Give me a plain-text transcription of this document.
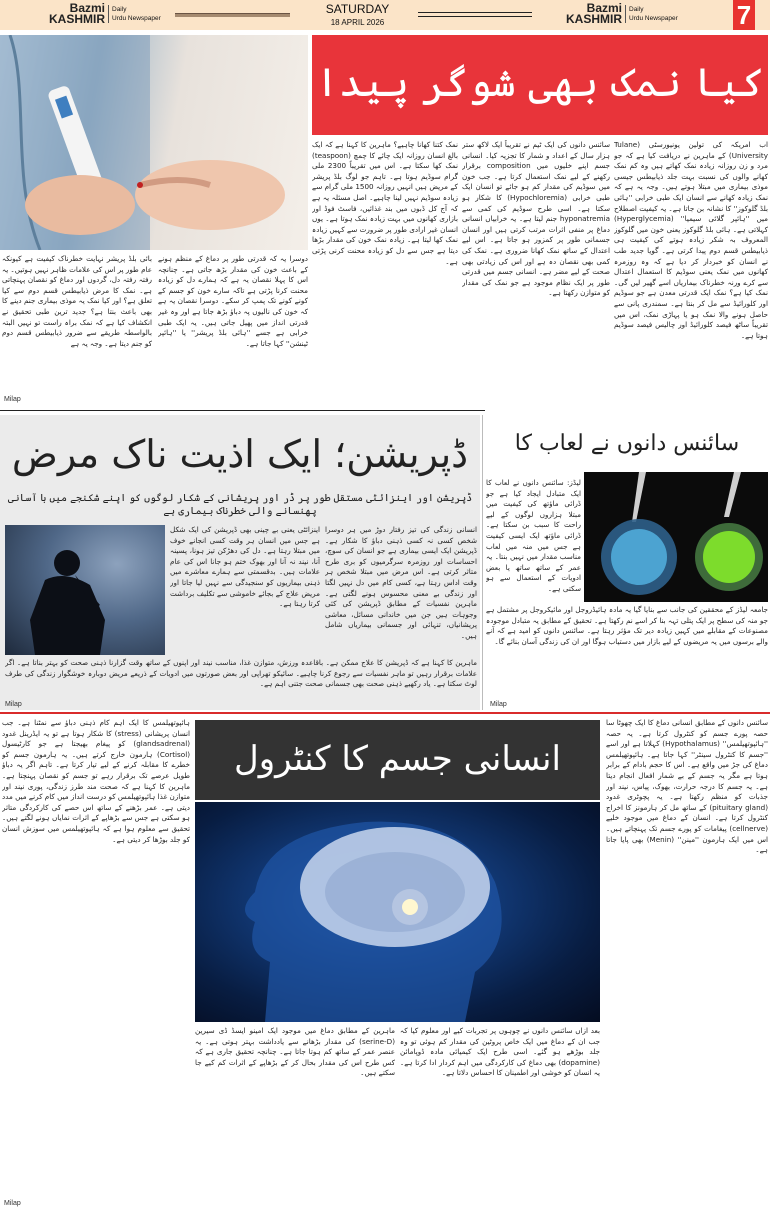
Bazmi
KASHMIR
Daily
Urdu Newspaper
SATURDAY
18 APRIL 2026
Bazmi
KASHMIR
Daily
Urdu Newspaper 7
کیا نمک بھی شوگر پیدا
اب امریکہ کی تولین یونیورسٹی (Tulane University) کے ماہرین نے دریافت کیا ہے کہ جو مرد و زن روزانہ زیادہ نمک کھاتے ہیں وہ کم نمک کھانے والوں کی نسبت بہت جلد ذیابیطس جیسی موذی بیماری میں مبتلا ہوتے ہیں۔ وجہ یہ ہے کہ نمک زیادہ کھانے سے انسان ایک طبی خرابی ''ہائی بلڈ گلوکوز'' کا نشانہ بن جاتا ہے۔ یہ کیفیت اصطلاح میں ''ہائپر گلائی سیمیا'' (Hyperglycemia) کہلاتی ہے۔ ہائی بلڈ گلوکوز یعنی خون میں گلوکوز المعروف بہ شکر زیادہ ہوتے کی کیفیت ہی ذیابیطس قسم دوم پیدا کرتی ہے۔ گویا جدید طب نے انسان کو خبردار کر دیا ہے کہ وہ روزمرہ کھانوں میں نمک یعنی سوڈیم کا استعمال اعتدال سے کرے ورنہ خطرناک بیماریاں اسے گھیر لیں گی۔ نمک کیا ہے؟ نمک ایک قدرتی معدن ہے جو سوڈیم اور کلورائیڈ سے مل کر بنتا ہے۔ سمندری پانی سے حاصل ہونے والا نمک ہو یا پہاڑی نمک، اس میں تقریباً ساٹھ فیصد کلورائیڈ اور چالیس فیصد سوڈیم ہوتا ہے۔
سائنس دانوں کی ایک ٹیم نے تقریباً ایک لاکھ ستر ہزار سال کے اعداد و شمار کا تجزیہ کیا۔ انسانی جسم اپنے خلیوں میں composition برقرار رکھنے کے لیے نمک استعمال کرتا ہے۔ جب خون میں سوڈیم کی مقدار کم ہو جائے تو انسان ایک طبی خرابی (Hypochloremia) کا شکار ہو سکتا ہے۔ اسی طرح سوڈیم کی کمی سے hyponatremia جنم لیتا ہے۔ یہ خرابیاں انسانی دماغ پر منفی اثرات مرتب کرتی ہیں اور انسان جسمانی طور پر کمزور ہو جاتا ہے۔ اس لیے اعتدال کے ساتھ نمک کھانا ضروری ہے۔ نمک کی کمی بھی نقصان دہ ہے اور اس کی زیادتی بھی صحت کے لیے مضر ہے۔ انسانی جسم میں قدرتی طور پر ایک نظام موجود ہے جو نمک کی مقدار کو متوازن رکھتا ہے۔
نمک کتنا کھانا چاہیے؟ ماہرین کا کہنا ہے کہ ایک بالغ انسان روزانہ ایک چائے کا چمچ (teaspoon) نمک کھا سکتا ہے۔ اس میں تقریباً 2300 ملی گرام سوڈیم ہوتا ہے۔ تاہم جو لوگ بلڈ پریشر کے مریض ہیں انہیں روزانہ 1500 ملی گرام سے زیادہ سوڈیم نہیں لینا چاہیے۔ اصل مسئلہ یہ ہے کہ آج کل ڈبوں میں بند غذائیں، فاسٹ فوڈ اور بازاری کھانوں میں بہت زیادہ نمک ہوتا ہے۔ یوں انسان غیر ارادی طور پر ضرورت سے کہیں زیادہ نمک کھا لیتا ہے۔ زیادہ نمک خون کی مقدار بڑھا دیتا ہے جس سے دل کو زیادہ محنت کرنی پڑتی ہے۔
بائی بلڈ پریشر نہایت خطرناک کیفیت ہے کیونکہ عام طور پر اس کی علامات ظاہر نہیں ہوتیں۔ یہ رفتہ رفتہ دل، گردوں اور دماغ کو نقصان پہنچاتی ہے۔ نمک کا مرض ذیابیطس قسم دوم سے کیا تعلق ہے؟ اور کیا نمک یہ موذی بیماری جنم دینے کا بھی باعث بنتا ہے؟ جدید ترین طبی تحقیق نے انکشاف کیا ہے کہ نمک براہ راست تو نہیں البتہ بالواسطہ طریقے سے ضرور ذیابیطس قسم دوم کو جنم دیتا ہے۔ وجہ یہ ہے
دوسرا یہ کہ قدرتی طور پر دماغ کے منظم ہونے کے باعث خون کی مقدار بڑھ جاتی ہے۔ چنانچہ اس کا پہلا نقصان یہ ہے کہ ہمارے دل کو زیادہ محنت کرنا پڑتی ہے تاکہ سارے خون کو جسم کے کونے کونے تک پمپ کر سکے۔ دوسرا نقصان یہ ہے کہ خون کی نالیوں پہ دباؤ بڑھ جاتا ہے اور وہ غیر قدرتی انداز میں پھیل جاتی ہیں۔ یہ ایک طبی خرابی ہے جسے ''ہائی بلڈ پریشر'' یا ''ہائپر ٹینشن'' کہا جاتا ہے۔
Milap
ڈپریشن؛ ایک اذیت ناک مرض
ڈپریشن اور اینزائٹی مستقل طور پر ڈر اور پریشانی کے شکار لوگوں کو اپنے شکنجے میں با آسانی پھنسانے والی خطرناک بیماری ہے
انسانی زندگی کی تیز رفتار دوڑ میں ہر دوسرا شخص کسی نہ کسی ذہنی دباؤ کا شکار ہے۔ ڈپریشن ایک ایسی بیماری ہے جو انسان کی سوچ، احساسات اور روزمرہ سرگرمیوں کو بری طرح متاثر کرتی ہے۔ اس مرض میں مبتلا شخص ہر وقت اداس رہتا ہے، کسی کام میں دل نہیں لگتا اور زندگی بے معنی محسوس ہونے لگتی ہے۔ ماہرین نفسیات کے مطابق ڈپریشن کی کئی وجوہات ہیں جن میں خاندانی مسائل، معاشی پریشانیاں، تنہائی اور جسمانی بیماریاں شامل ہیں۔
اینزائٹی یعنی بے چینی بھی ڈپریشن کی ایک شکل ہے جس میں انسان ہر وقت کسی انجانے خوف میں مبتلا رہتا ہے۔ دل کی دھڑکن تیز ہونا، پسینہ آنا، نیند نہ آنا اور بھوک ختم ہو جانا اس کی عام علامات ہیں۔ بدقسمتی سے ہمارے معاشرے میں ذہنی بیماریوں کو سنجیدگی سے نہیں لیا جاتا اور مریض علاج کے بجائے خاموشی سے تکلیف برداشت کرتا رہتا ہے۔
ماہرین کا کہنا ہے کہ ڈپریشن کا علاج ممکن ہے۔ باقاعدہ ورزش، متوازن غذا، مناسب نیند اور اپنوں کے ساتھ وقت گزارنا ذہنی صحت کو بہتر بناتا ہے۔ اگر علامات برقرار رہیں تو ماہر نفسیات سے رجوع کرنا چاہیے۔ سائیکو تھراپی اور بعض صورتوں میں ادویات کے ذریعے مریض دوبارہ خوشگوار زندگی کی طرف لوٹ سکتا ہے۔ یاد رکھیے ذہنی صحت بھی جسمانی صحت جتنی اہم ہے۔
Milap
سائنس دانوں نے لعاب کا
لیڈز: سائنس دانوں نے لعاب کا ایک متبادل ایجاد کیا ہے جو ڈرائی ماؤتھ کی کیفیت میں مبتلا ہزاروں لوگوں کے لیے راحت کا سبب بن سکتا ہے۔ ڈرائی ماؤتھ ایک ایسی کیفیت ہے جس میں منہ میں لعاب مناسب مقدار میں نہیں بنتا۔ یہ عمر کے ساتھ ساتھ یا بعض ادویات کے استعمال سے ہو سکتی ہے۔
جامعہ لیڈز کے محققین کی جانب سے بنایا گیا یہ مادہ ہائیڈروجل اور مائیکروجل پر مشتمل ہے جو منہ کی سطح پر ایک پتلی تہہ بنا کر اسے نم رکھتا ہے۔ تحقیق کے مطابق یہ متبادل موجودہ مصنوعات کے مقابلے میں کہیں زیادہ دیر تک مؤثر رہتا ہے۔ سائنس دانوں کو امید ہے کہ آنے والے برسوں میں یہ مریضوں کے لیے بازار میں دستیاب ہوگا اور ان کی زندگی آسان بنائے گا۔
Milap
انسانی جسم کا کنٹرول
سائنس دانوں کے مطابق انسانی دماغ کا ایک چھوٹا سا حصہ پورے جسم کو کنٹرول کرتا ہے۔ یہ حصہ ''ہائپوتھیلمس'' (Hypothalamus) کہلاتا ہے اور اسے ''جسم کا کنٹرول سینٹر'' کہا جاتا ہے۔ ہائپوتھیلمس دماغ کی جڑ میں واقع ہے۔ اس کا حجم بادام کے برابر ہوتا ہے مگر یہ جسم کے بے شمار افعال انجام دیتا ہے۔ یہ جسم کا درجہ حرارت، بھوک، پیاس، نیند اور جذبات کو منظم رکھتا ہے۔ یہ پچوٹری غدود (pituitary gland) کے ساتھ مل کر ہارمونز کا اخراج کنٹرول کرتا ہے۔ انسان کے دماغ میں موجود خلیے (cellnerve) پیغامات کو پورے جسم تک پہنچاتے ہیں۔ اس میں ایک ہارمون ''مینن'' (Menin) بھی پایا جاتا ہے۔
ہائپوتھیلمس کا ایک اہم کام ذہنی دباؤ سے نمٹنا ہے۔ جب انسان پریشانی (stress) کا شکار ہوتا ہے تو یہ ایڈرینل غدود (glandsadrenal) کو پیغام بھیجتا ہے جو کارٹیسول (Cortisol) ہارمون خارج کرتے ہیں۔ یہ ہارمون جسم کو خطرے کا مقابلہ کرنے کے لیے تیار کرتا ہے۔ تاہم اگر یہ دباؤ طویل عرصے تک برقرار رہے تو جسم کو نقصان پہنچتا ہے۔ ماہرین کا کہنا ہے کہ صحت مند طرز زندگی، پوری نیند اور متوازن غذا ہائپوتھیلمس کو درست انداز میں کام کرنے میں مدد دیتی ہے۔ عمر بڑھنے کے ساتھ اس حصے کی کارکردگی متاثر ہو سکتی ہے جس سے بڑھاپے کے اثرات نمایاں ہونے لگتے ہیں۔ تحقیق سے معلوم ہوا ہے کہ ہائپوتھیلمس میں سوزش انسان کو جلد بوڑھا کر دیتی ہے۔
بعد ازاں سائنس دانوں نے چوہوں پر تجربات کیے اور معلوم کیا کہ جب ان کے دماغ میں ایک خاص پروٹین کی مقدار کم ہوئی تو وہ جلد بوڑھے ہو گئے۔ اسی طرح ایک کیمیائی مادہ ڈوپامائن (dopamine) بھی دماغ کی کارکردگی میں اہم کردار ادا کرتا ہے۔ یہ انسان کو خوشی اور اطمینان کا احساس دلاتا ہے۔
ماہرین کے مطابق دماغ میں موجود ایک امینو ایسڈ ڈی سیرین (serine-D) کی مقدار بڑھانے سے یادداشت بہتر ہوتی ہے۔ یہ عنصر عمر کے ساتھ کم ہوتا جاتا ہے۔ چنانچہ تحقیق جاری ہے کہ کس طرح اس کی مقدار بحال کر کے بڑھاپے کے اثرات کم کیے جا سکتے ہیں۔
Milap
